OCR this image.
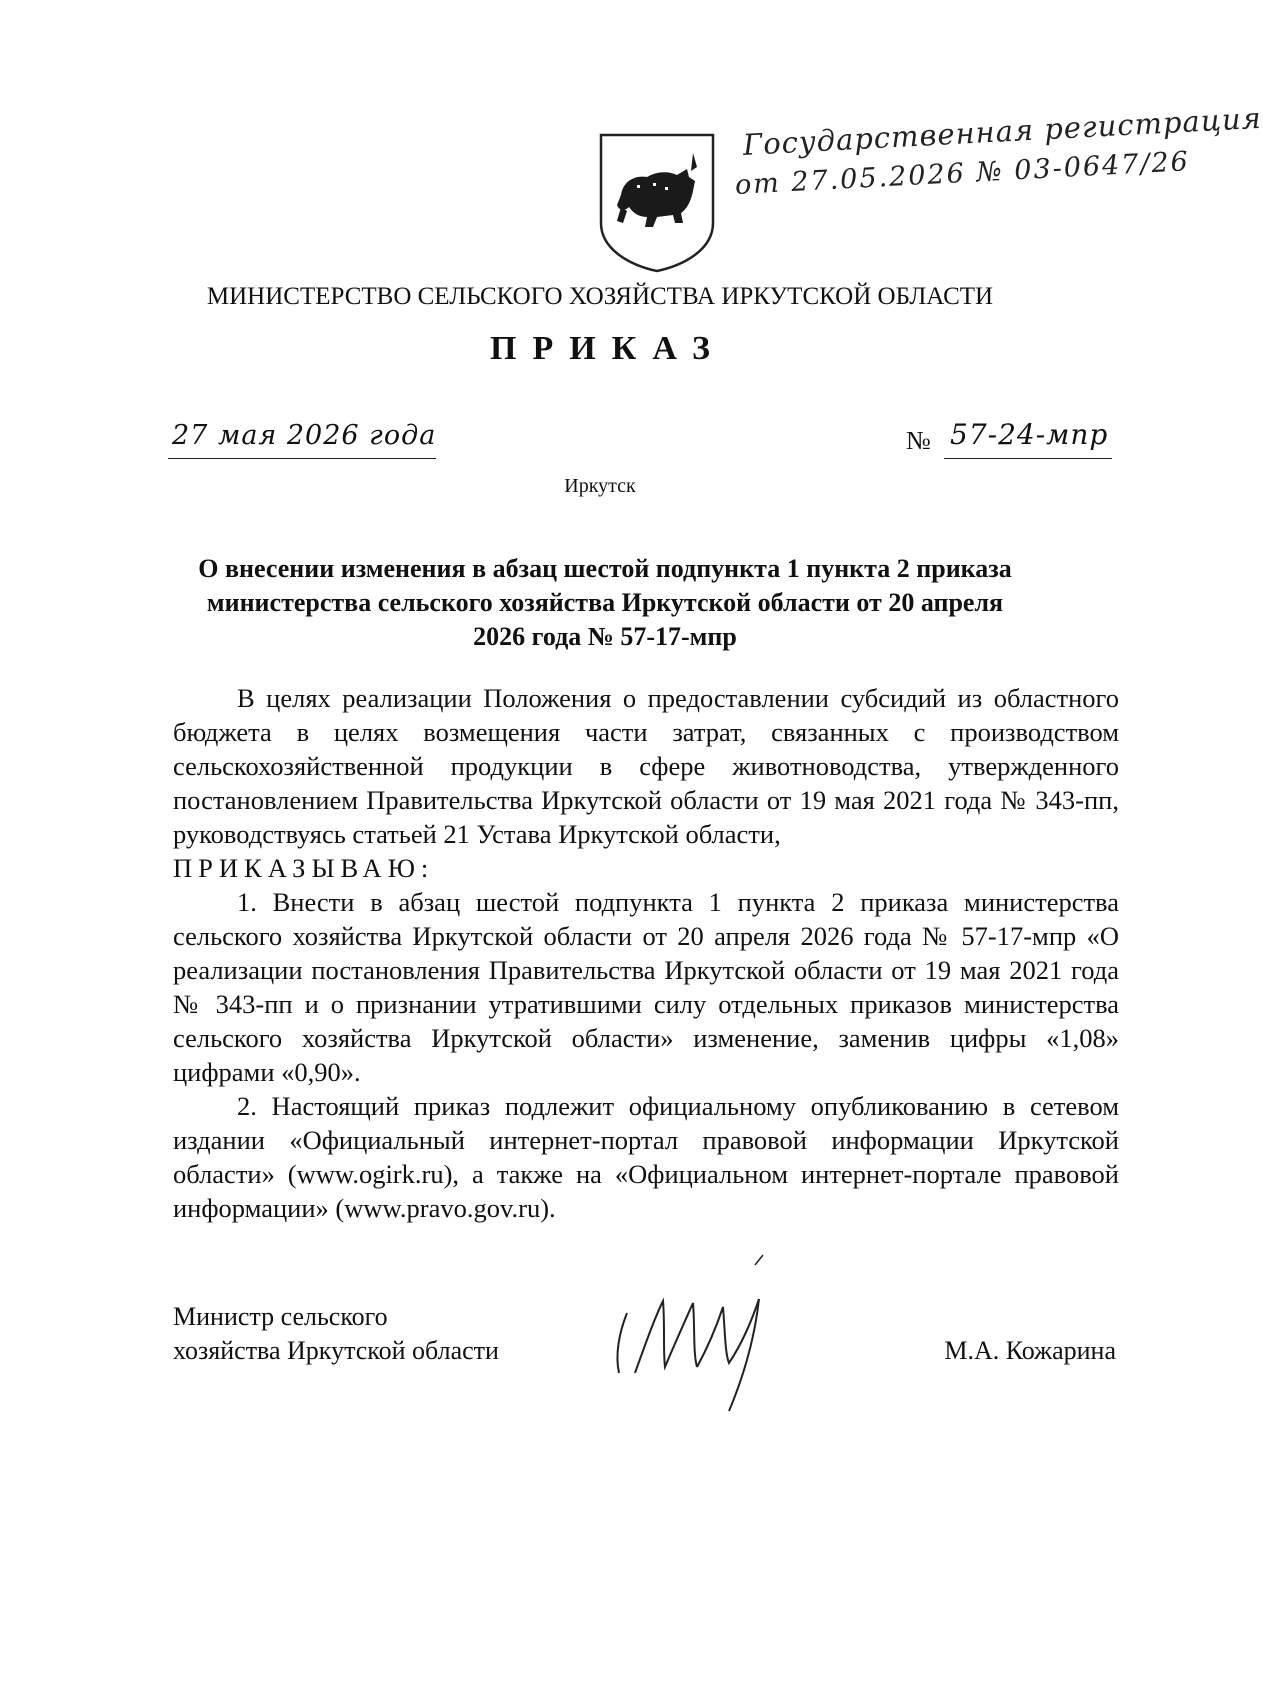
Государственная регистрация
от 27.05.2026 № 03-0647/26
МИНИСТЕРСТВО СЕЛЬСКОГО ХОЗЯЙСТВА ИРКУТСКОЙ ОБЛАСТИ
ПРИКАЗ
27 мая 2026 года	№ 57-24-мпр
Иркутск
О внесении изменения в абзац шестой подпункта 1 пункта 2 приказа министерства сельского хозяйства Иркутской области от 20 апреля 2026 года № 57-17-мпр

В целях реализации Положения о предоставлении субсидий из областного бюджета в целях возмещения части затрат, связанных с производством сельскохозяйственной продукции в сфере животноводства, утвержденного постановлением Правительства Иркутской области от 19 мая 2021 года № 343-пп, руководствуясь статьей 21 Устава Иркутской области,

ПРИКАЗЫВАЮ:

1. Внести в абзац шестой подпункта 1 пункта 2 приказа министерства сельского хозяйства Иркутской области от 20 апреля 2026 года № 57-17-мпр «О реализации постановления Правительства Иркутской области от 19 мая 2021 года № 343-пп и о признании утратившими силу отдельных приказов министерства сельского хозяйства Иркутской области» изменение, заменив цифры «1,08» цифрами «0,90».

2. Настоящий приказ подлежит официальному опубликованию в сетевом издании «Официальный интернет-портал правовой информации Иркутской области» (www.ogirk.ru), а также на «Официальном интернет-портале правовой информации» (www.pravo.gov.ru).

Министр сельского
хозяйства Иркутской области	М.А. Кожарина
